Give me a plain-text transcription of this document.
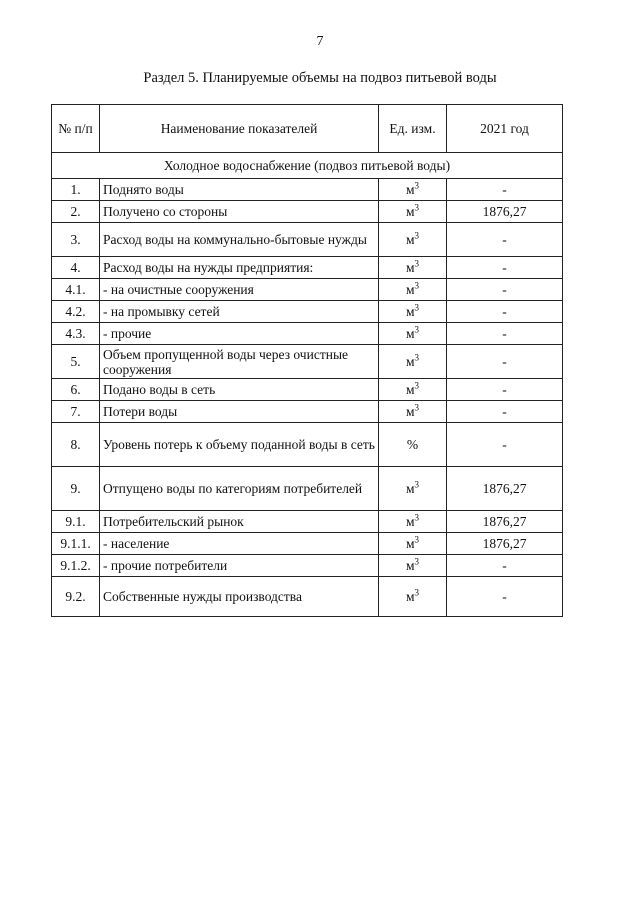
7
Раздел 5. Планируемые объемы на подвоз питьевой воды
№ п/п	Наименование показателей	Ед. изм.	2021 год
Холодное водоснабжение (подвоз питьевой воды)			
1.	Поднято воды	$м^3$	-
2.	Получено со стороны	$м^3$	1876,27
3.	Расход воды на коммунально-бытовые нужды	$м^3$	-
4.	Расход воды на нужды предприятия:	$м^3$	-
4.1.	- на очистные сооружения	$м^3$	-
4.2.	- на промывку сетей	$м^3$	-
4.3.	- прочие	$м^3$	-
5.	Объем пропущенной воды через очистные сооружения	$м^3$	-
6.	Подано воды в сеть	$м^3$	-
7.	Потери воды	$м^3$	-
8.	Уровень потерь к объему поданной воды в сеть	%	-
9.	Отпущено воды по категориям потребителей	$м^3$	1876,27
9.1.	Потребительский рынок	$м^3$	1876,27
9.1.1.	- население	$м^3$	1876,27
9.1.2.	- прочие потребители	$м^3$	-
9.2.	Собственные нужды производства	$м^3$	-
